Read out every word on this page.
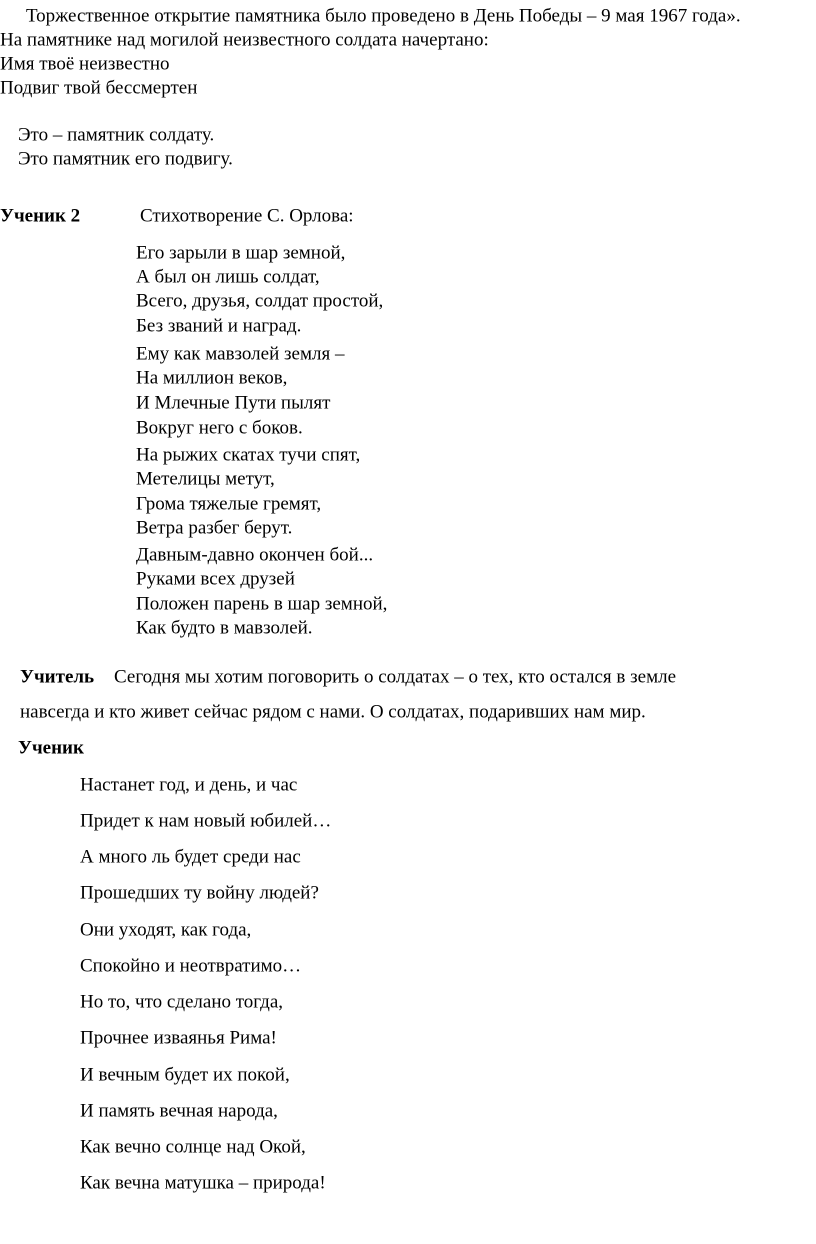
Торжественное открытие памятника было проведено в День Победы – 9 мая 1967 года».
На памятнике над могилой неизвестного солдата начертано:
Имя твоё неизвестно
Подвиг твой бессмертен
Это – памятник солдату.
Это памятник его подвигу.
Ученик 2	Стихотворение С. Орлова:
Его зарыли в шар земной,
А был он лишь солдат,
Всего, друзья, солдат простой,
Без званий и наград.
Ему как мавзолей земля –
На миллион веков,
И Млечные Пути пылят
Вокруг него с боков.
На рыжих скатах тучи спят,
Метелицы метут,
Грома тяжелые гремят,
Ветра разбег берут.
Давным-давно окончен бой...
Руками всех друзей
Положен парень в шар земной,
Как будто в мавзолей.
Учитель Сегодня мы хотим поговорить о солдатах – о тех, кто остался в земле
навсегда и кто живет сейчас рядом с нами. О солдатах, подаривших нам мир.
Ученик
Настанет год, и день, и час
Придет к нам новый юбилей…
А много ль будет среди нас
Прошедших ту войну людей?
Они уходят, как года,
Спокойно и неотвратимо…
Но то, что сделано тогда,
Прочнее изваянья Рима!
И вечным будет их покой,
И память вечная народа,
Как вечно солнце над Окой,
Как вечна матушка – природа!
